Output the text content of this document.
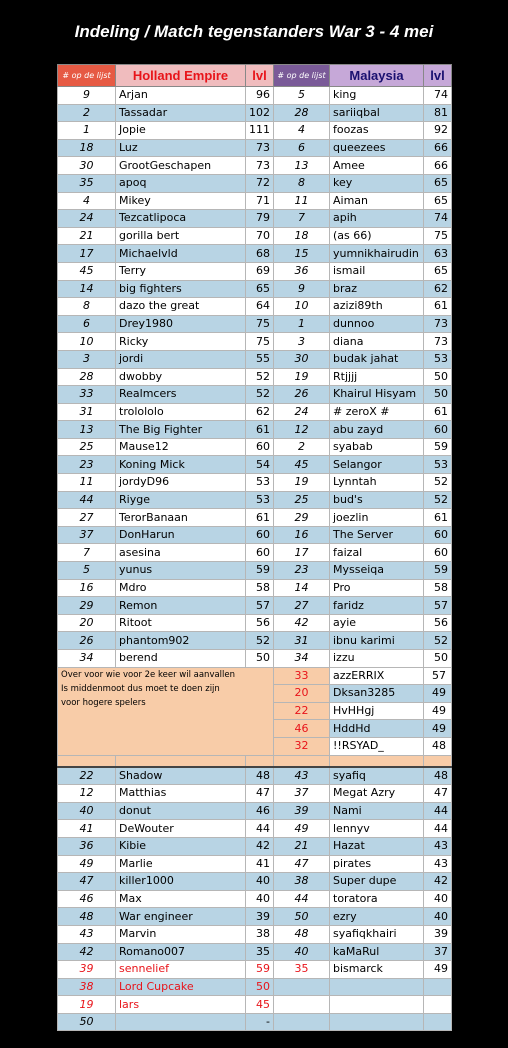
Indeling / Match tegenstanders War 3 - 4 mei
# op de lijst	Holland Empire	lvl	# op de lijst	Malaysia	lvl
9	Arjan	96	5	king	74
2	Tassadar	102	28	sariiqbal	81
1	Jopie	111	4	foozas	92
18	Luz	73	6	queezees	66
30	GrootGeschapen	73	13	Amee	66
35	apoq	72	8	key	65
4	Mikey	71	11	Aiman	65
24	Tezcatlipoca	79	7	apih	74
21	gorilla bert	70	18	(as 66)	75
17	Michaelvld	68	15	yumnikhairudin	63
45	Terry	69	36	ismail	65
14	big fighters	65	9	braz	62
8	dazo the great	64	10	azizi89th	61
6	Drey1980	75	1	dunnoo	73
10	Ricky	75	3	diana	73
3	jordi	55	30	budak jahat	53
28	dwobby	52	19	Rtjjjj	50
33	Realmcers	52	26	Khairul Hisyam	50
31	trolololo	62	24	# zeroX #	61
13	The Big Fighter	61	12	abu zayd	60
25	Mause12	60	2	syabab	59
23	Koning Mick	54	45	Selangor	53
11	jordyD96	53	19	Lynntah	52
44	Riyge	53	25	bud's	52
27	TerorBanaan	61	29	joezlin	61
37	DonHarun	60	16	The Server	60
7	asesina	60	17	faizal	60
5	yunus	59	23	Mysseiqa	59
16	Mdro	58	14	Pro	58
29	Remon	57	27	faridz	57
20	Ritoot	56	42	ayie	56
26	phantom902	52	31	ibnu karimi	52
34	berend	50	34	izzu	50

Over voor wie voor 2e keer wil aanvallen
Is middenmoot dus moet te doen zijn
voor hogere spelers			33	azzERRIX	57
			20	Dksan3285	49
			22	HvHHgj	49
			46	HddHd	49
			32	!!RSYAD_	48

22	Shadow	48	43	syafiq	48
12	Matthias	47	37	Megat Azry	47
40	donut	46	39	Nami	44
41	DeWouter	44	49	lennyv	44
36	Kibie	42	21	Hazat	43
49	Marlie	41	47	pirates	43
47	killer1000	40	38	Super dupe	42
46	Max	40	44	toratora	40
48	War engineer	39	50	ezry	40
43	Marvin	38	48	syafiqkhairi	39
42	Romano007	35	40	kaMaRul	37
39	sennelief	59	35	bismarck	49
38	Lord Cupcake	50			
19	lars	45			
50		-			
